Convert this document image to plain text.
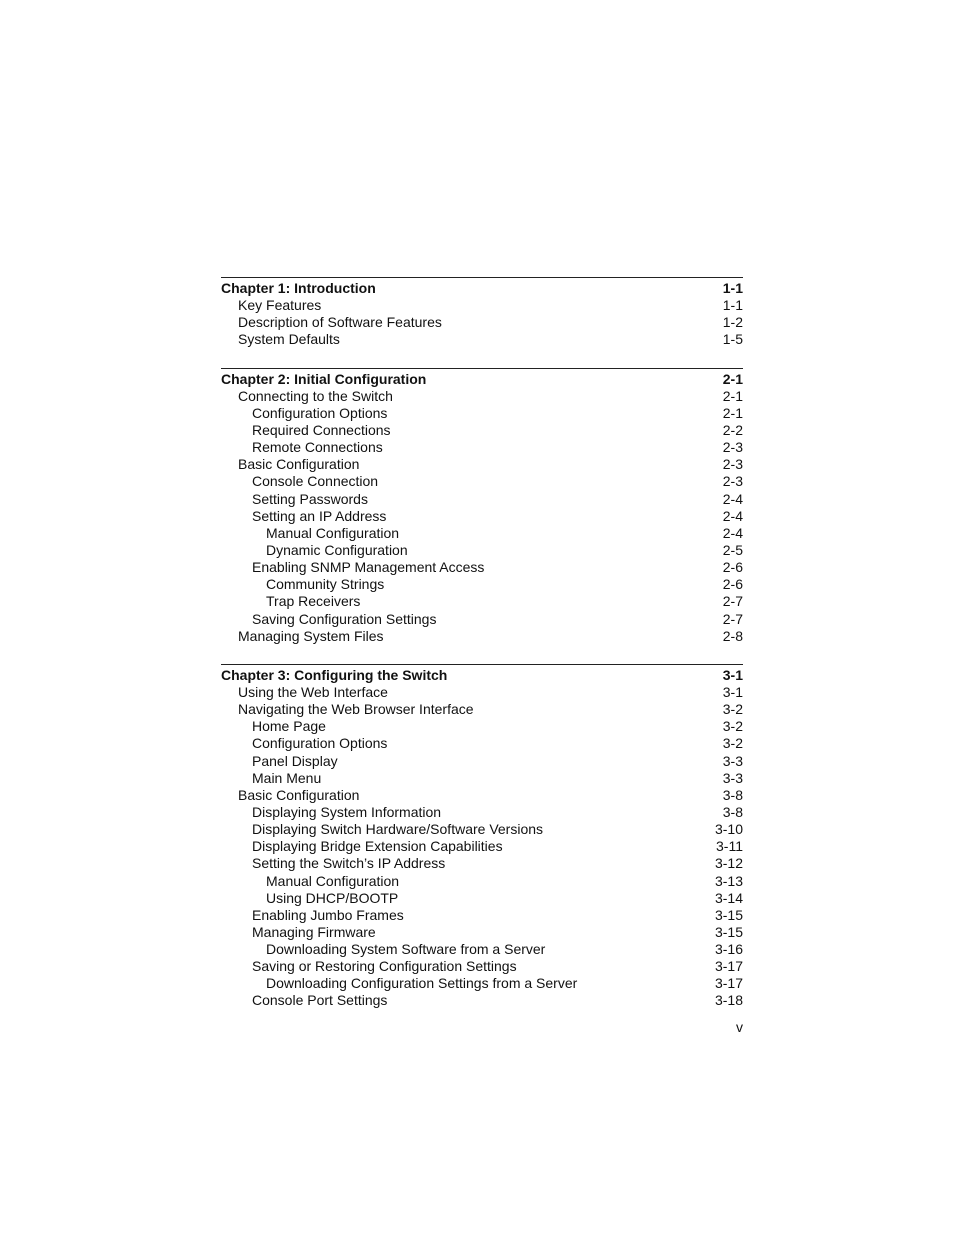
Chapter 1: Introduction	1-1
Key Features	1-1
Description of Software Features	1-2
System Defaults	1-5
Chapter 2: Initial Configuration	2-1
Connecting to the Switch	2-1
Configuration Options	2-1
Required Connections	2-2
Remote Connections	2-3
Basic Configuration	2-3
Console Connection	2-3
Setting Passwords	2-4
Setting an IP Address	2-4
Manual Configuration	2-4
Dynamic Configuration	2-5
Enabling SNMP Management Access	2-6
Community Strings	2-6
Trap Receivers	2-7
Saving Configuration Settings	2-7
Managing System Files	2-8
Chapter 3: Configuring the Switch	3-1
Using the Web Interface	3-1
Navigating the Web Browser Interface	3-2
Home Page	3-2
Configuration Options	3-2
Panel Display	3-3
Main Menu	3-3
Basic Configuration	3-8
Displaying System Information	3-8
Displaying Switch Hardware/Software Versions	3-10
Displaying Bridge Extension Capabilities	3-11
Setting the Switch’s IP Address	3-12
Manual Configuration	3-13
Using DHCP/BOOTP	3-14
Enabling Jumbo Frames	3-15
Managing Firmware	3-15
Downloading System Software from a Server	3-16
Saving or Restoring Configuration Settings	3-17
Downloading Configuration Settings from a Server	3-17
Console Port Settings	3-18
v
